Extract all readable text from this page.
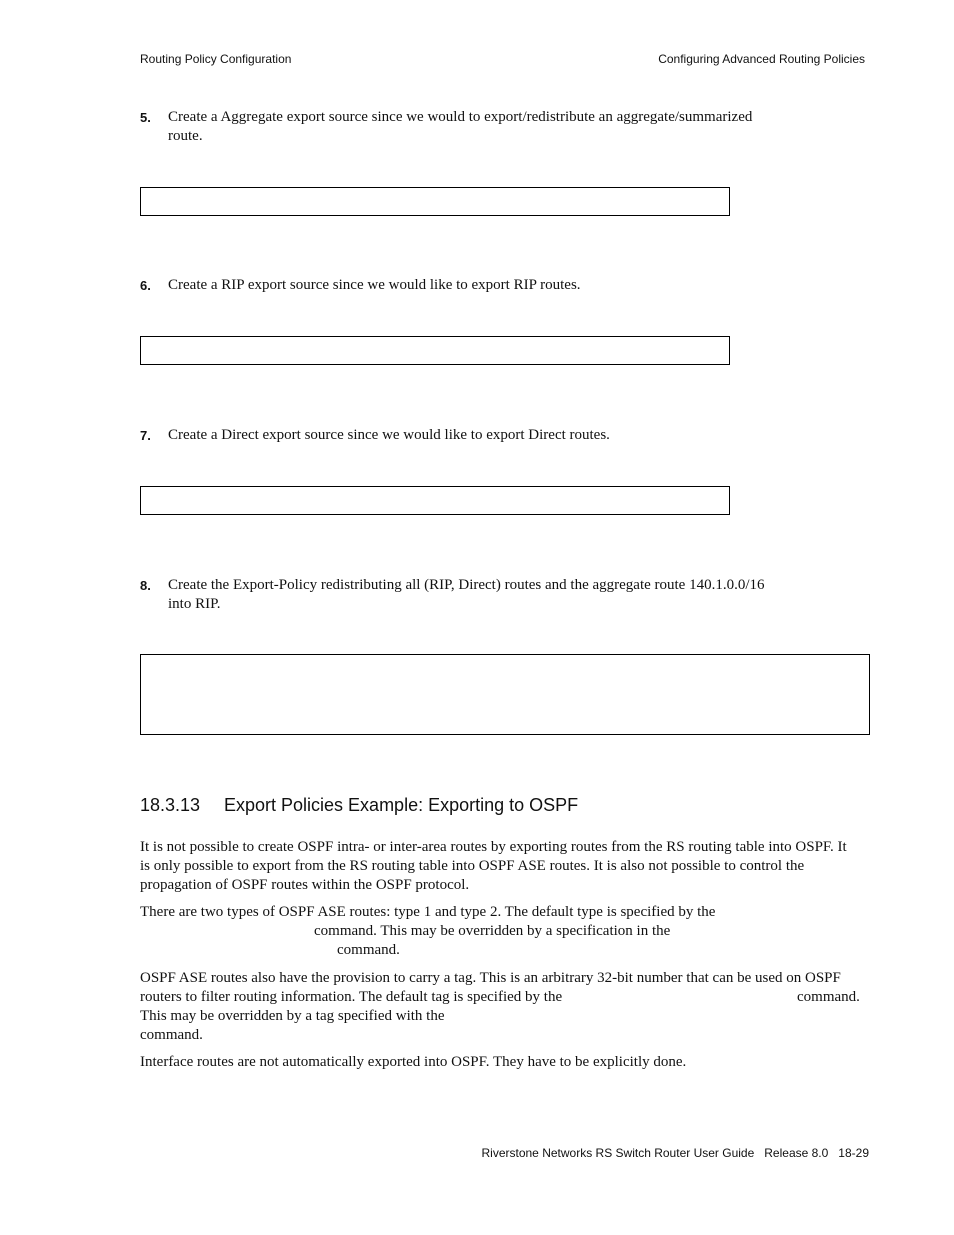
Routing Policy Configuration	Configuring Advanced Routing Policies
5. Create a Aggregate export source since we would to export/redistribute an aggregate/summarized
route.
6. Create a RIP export source since we would like to export RIP routes.
7. Create a Direct export source since we would like to export Direct routes.
8. Create the Export-Policy redistributing all (RIP, Direct) routes and the aggregate route 140.1.0.0/16
into RIP.
18.3.13 Export Policies Example: Exporting to OSPF
It is not possible to create OSPF intra- or inter-area routes by exporting routes from the RS routing table into OSPF. It
is only possible to export from the RS routing table into OSPF ASE routes. It is also not possible to control the
propagation of OSPF routes within the OSPF protocol.
There are two types of OSPF ASE routes: type 1 and type 2. The default type is specified by the
command. This may be overridden by a specification in the
command.
OSPF ASE routes also have the provision to carry a tag. This is an arbitrary 32-bit number that can be used on OSPF
routers to filter routing information. The default tag is specified by the	command.
This may be overridden by a tag specified with the
command.
Interface routes are not automatically exported into OSPF. They have to be explicitly done.
Riverstone Networks RS Switch Router User Guide   Release 8.0   18-29
